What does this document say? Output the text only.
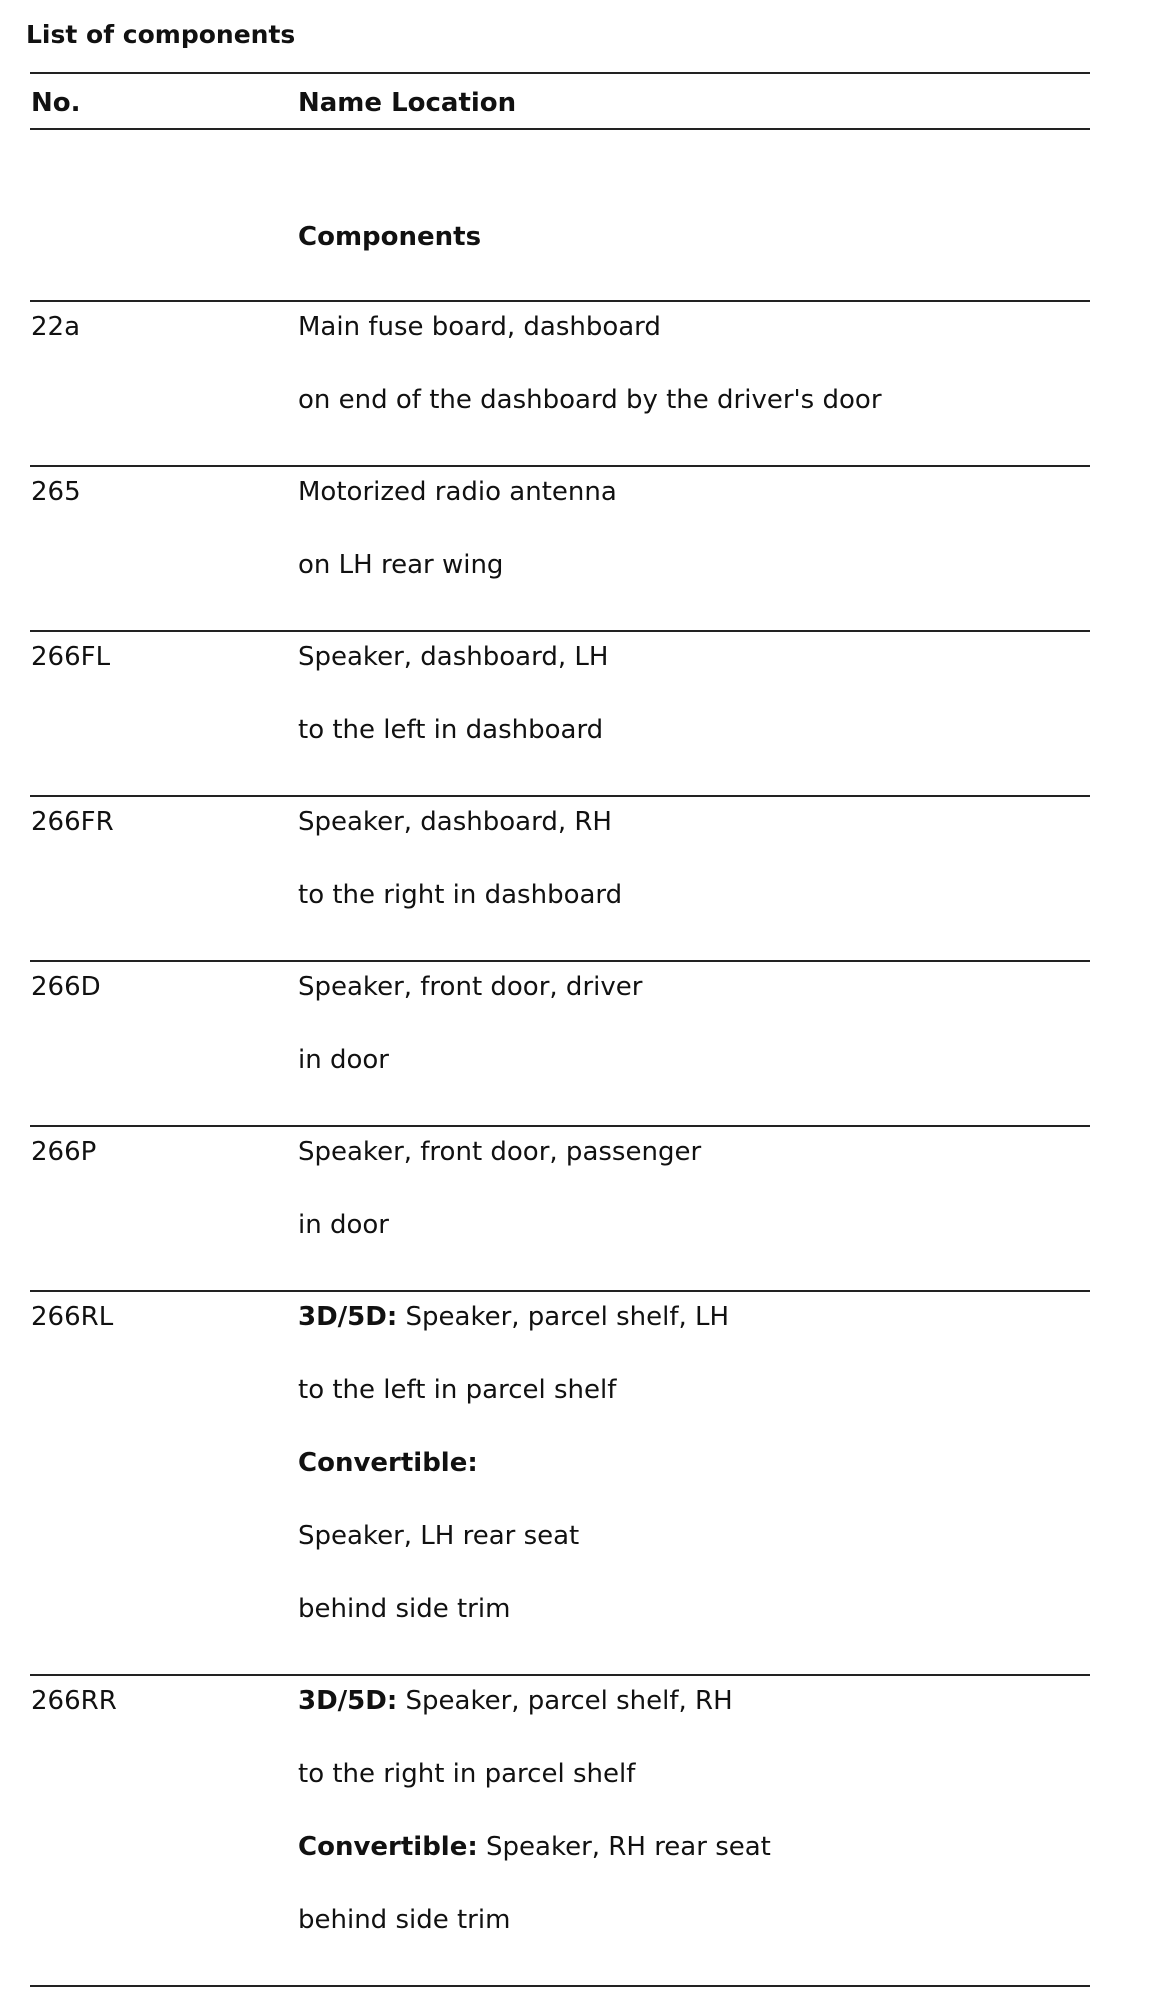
List of components
No.	Name Location
Components
22a	Main fuse board, dashboard
on end of the dashboard by the driver's door
265	Motorized radio antenna
on LH rear wing
266FL	Speaker, dashboard, LH
to the left in dashboard
266FR	Speaker, dashboard, RH
to the right in dashboard
266D	Speaker, front door, driver
in door
266P	Speaker, front door, passenger
in door
266RL	3D/5D: Speaker, parcel shelf, LH
to the left in parcel shelf
Convertible:
Speaker, LH rear seat
behind side trim
266RR	3D/5D: Speaker, parcel shelf, RH
to the right in parcel shelf
Convertible: Speaker, RH rear seat
behind side trim
